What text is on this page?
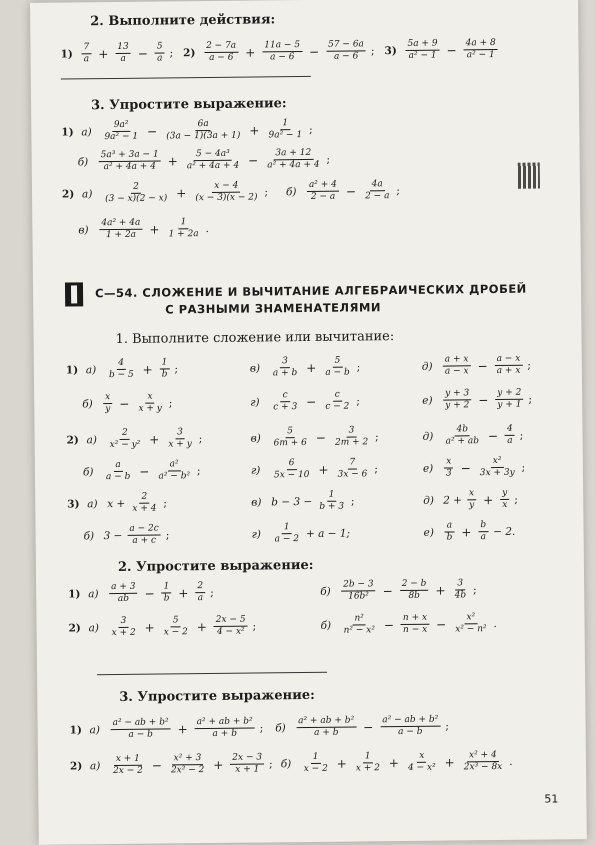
2. Выполните действия:
$1) \frac{7}{a} + \frac{13}{a} - \frac{5}{a}$ ; $2) \frac{2 - 7a}{a - 6} + \frac{11a - 5}{a - 6} - \frac{57 - 6a}{a - 6}$ ; $3) \frac{5a + 9}{\text{a² − 1}} - \frac{4a + 8}{\text{a² − 1}}$
3. Упростите выражение:
1) а)	$\frac{\text{9a²}}{\text{9a² − 1}} - \frac{6a}{(3a - 1)(3a + 1)} + \frac{1}{\text{9a² − 1}}$ ;
б)	$\frac{\text{5a³ + 3a − 1}}{\text{a² + 4a + 4}} + \frac{\text{5 − 4a³}}{\text{a² + 4a + 4}} - \frac{3a + 12}{\text{a² + 4a + 4}}$ ;
2) а)	$\frac{2}{(3 - x)(2 - x)} + \frac{x - 4}{(x - 3)(x - 2)}$ ; б)	$\frac{\text{a² + 4}}{2 - a} - \frac{4a}{2 - a}$ ;
в)	$\frac{\text{4a² + 4a}}{1 + 2a} + \frac{1}{1 + 2a}$ .
С—54. СЛОЖЕНИЕ И ВЫЧИТАНИЕ АЛГЕБРАИЧЕСКИХ ДРОБЕЙ
С РАЗНЫМИ ЗНАМЕНАТЕЛЯМИ
1. Выполните сложение или вычитание:
1) а)	$\frac{4}{b - 5} + \frac{1}{b}$ ;	в)	$\frac{3}{a + b} + \frac{5}{a - b}$ ;	д)	$\frac{a + x}{a - x} - \frac{a - x}{a + x}$ ;
б)	$\frac{x}{y} - \frac{x}{x + y}$ ;	г)	$\frac{c}{c + 3} - \frac{c}{c - 2}$ ;	е)	$\frac{y + 3}{y + 2} - \frac{y + 2}{y + 1}$ ;
2) а)	$\frac{2}{\text{x² − y²}} + \frac{3}{x + y}$ ;	в)	$\frac{5}{6m + 6} - \frac{3}{2m + 2}$ ;	д)	$\frac{4b}{\text{a² + ab}} - \frac{4}{a}$ ;
б)	$\frac{a}{a - b} - \frac{\text{a²}}{\text{a² − b²}}$ ;	г)	$\frac{6}{5x - 10} + \frac{7}{3x - 6}$ ;	е)	$\frac{x}{3} - \frac{\text{x²}}{3x + 3y}$ ;
3) а) $x + \frac{2}{x + 4}$ ;	в) $b - 3 - \frac{1}{b + 3}$ ;	д) $2 + \frac{x}{y} + \frac{y}{x}$ ;
б) $3 - \frac{a - 2c}{a + c}$ ;	г)	$\frac{1}{a - 2} + a - 1$;	е)	$\frac{a}{b} + \frac{b}{a} - 2$.
2. Упростите выражение:
1) а)	$\frac{a + 3}{ab} - \frac{1}{b} + \frac{2}{a}$ ;	б)	$\frac{2b - 3}{\text{16b²}} - \frac{2 - b}{8b} + \frac{3}{4b}$ ;
2) а)	$\frac{3}{x + 2} + \frac{5}{x - 2} + \frac{2x - 5}{\text{4 − x²}}$ ;	б)	$\frac{\text{n²}}{\text{n² − x²}} - \frac{n + x}{n - x} - \frac{\text{x²}}{\text{x² − n²}}$ .
3. Упростите выражение:
1) а)	$\frac{\text{a² − ab + b²}}{a - b} + \frac{\text{a² + ab + b²}}{a + b}$ ; б)	$\frac{\text{a² + ab + b²}}{a + b} - \frac{\text{a² − ab + b²}}{a - b}$ ;
2) а)	$\frac{x + 1}{2x - 2} - \frac{\text{x² + 3}}{\text{2x² − 2}} + \frac{2x - 3}{x + 1}$ ; б)	$\frac{1}{x - 2} + \frac{1}{x + 2} + \frac{x}{\text{4 − x²}} + \frac{\text{x² + 4}}{\text{2x³ − 8x}}$ .
51
